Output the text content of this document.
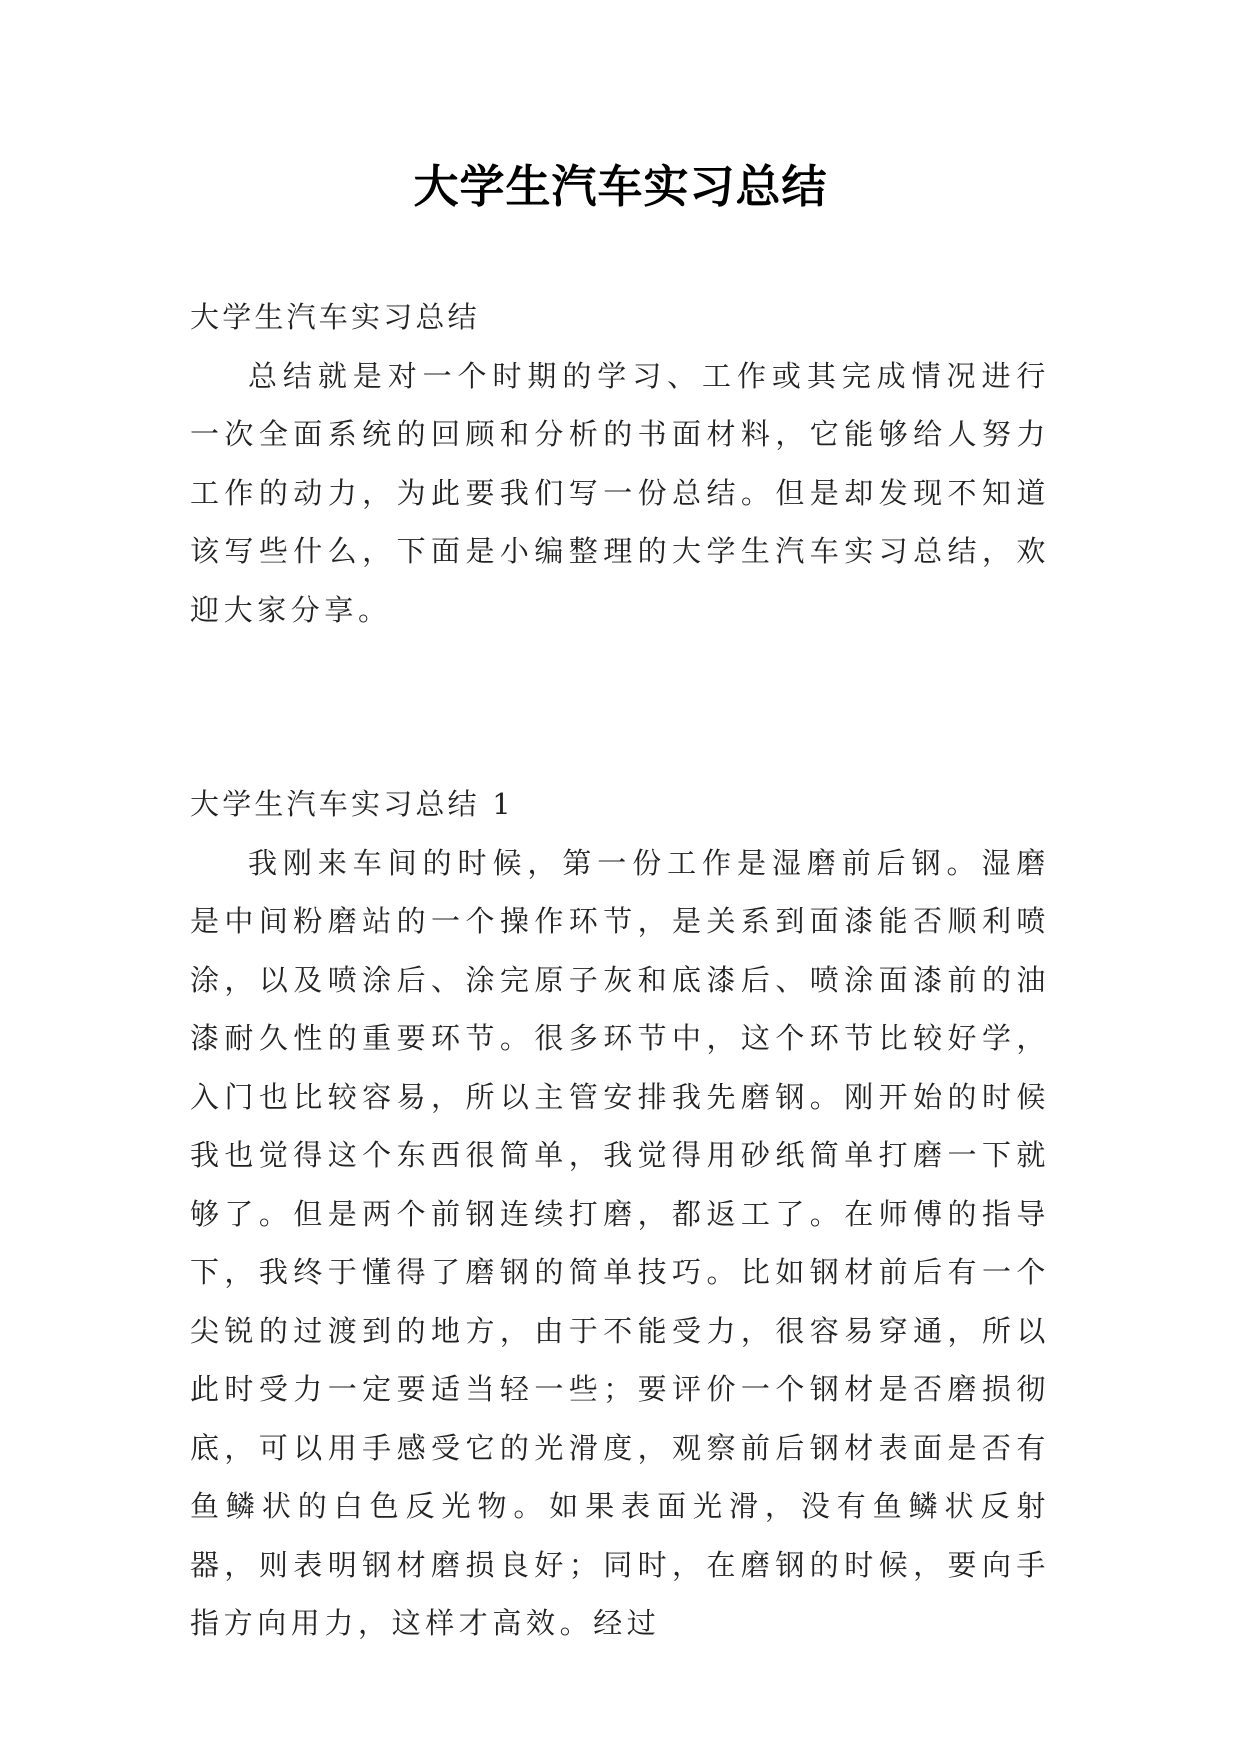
大学生汽车实习总结

大学生汽车实习总结

总结就是对一个时期的学习、工作或其完成情况进行一次全面系统的回顾和分析的书面材料，它能够给人努力工作的动力，为此要我们写一份总结。但是却发现不知道该写些什么，下面是小编整理的大学生汽车实习总结，欢迎大家分享。

大学生汽车实习总结 1

我刚来车间的时候，第一份工作是湿磨前后钢。湿磨是中间粉磨站的一个操作环节，是关系到面漆能否顺利喷涂，以及喷涂后、涂完原子灰和底漆后、喷涂面漆前的油漆耐久性的重要环节。很多环节中，这个环节比较好学，入门也比较容易，所以主管安排我先磨钢。刚开始的时候我也觉得这个东西很简单，我觉得用砂纸简单打磨一下就够了。但是两个前钢连续打磨，都返工了。在师傅的指导下，我终于懂得了磨钢的简单技巧。比如钢材前后有一个尖锐的过渡到的地方，由于不能受力，很容易穿通，所以此时受力一定要适当轻一些；要评价一个钢材是否磨损彻底，可以用手感受它的光滑度，观察前后钢材表面是否有鱼鳞状的白色反光物。如果表面光滑，没有鱼鳞状反射器，则表明钢材磨损良好；同时，在磨钢的时候，要向手指方向用力，这样才高效。经过
